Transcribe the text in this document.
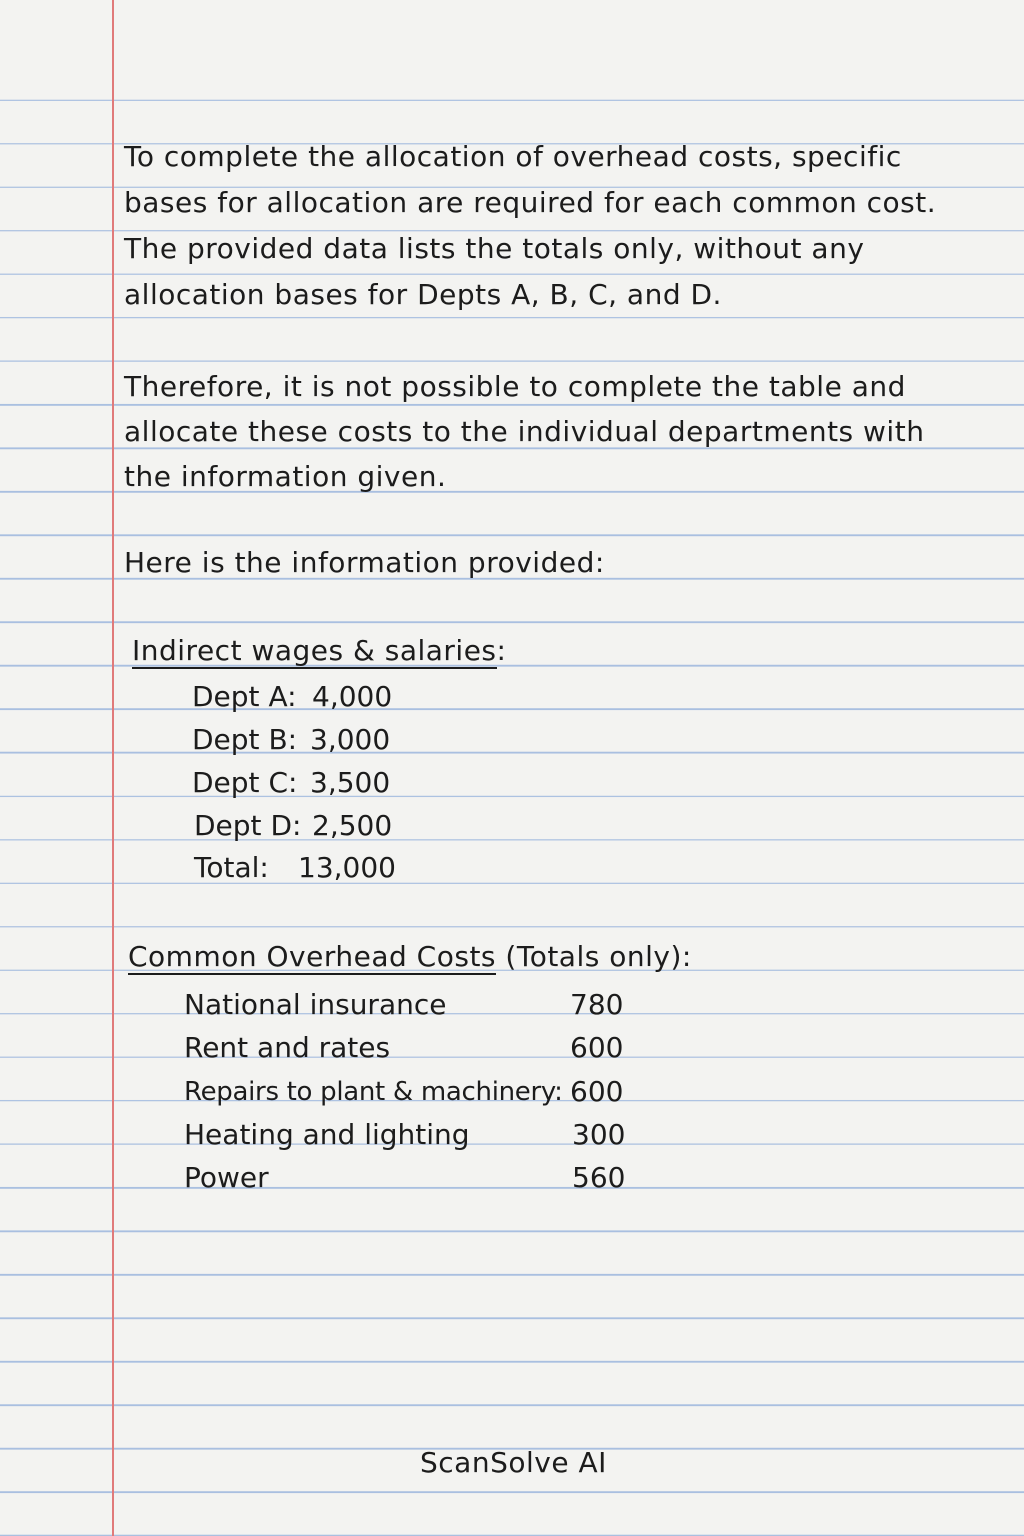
To complete the allocation of overhead costs, specific
bases for allocation are required for each common cost.
The provided data lists the totals only, without any
allocation bases for Depts A, B, C, and D.
Therefore, it is not possible to complete the table and
allocate these costs to the individual departments with
the information given.
Here is the information provided:
Indirect wages & salaries:
Dept A: 4,000
Dept B: 3,000
Dept C: 3,500
Dept D: 2,500
Total: 13,000
Common Overhead Costs (Totals only):
National insurance	780
Rent and rates	600
Repairs to plant & machinery: 600
Heating and lighting	300
Power	560
ScanSolve AI
